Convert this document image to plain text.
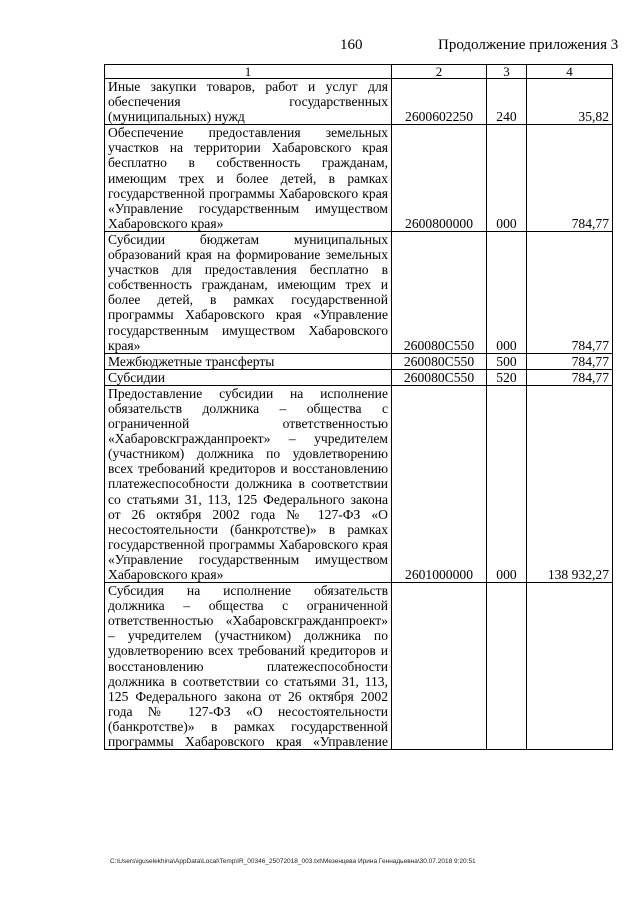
160	Продолжение приложения 3
1	2	3	4
Иные закупки товаров, работ и услуг для обеспечения государственных (муниципальных) нужд	2600602250	240	35,82
Обеспечение предоставления земельных участков на территории Хабаровского края бесплатно в собственность гражданам, имеющим трех и более детей, в рамках государственной программы Хабаровского края «Управление государственным имуществом Хабаровского края»	2600800000	000	784,77
Субсидии бюджетам муниципальных образований края на формирование земельных участков для предоставления бесплатно в собственность гражданам, имеющим трех и более детей, в рамках государственной программы Хабаровского края «Управление государственным имуществом Хабаровского края»	260080С550	000	784,77
Межбюджетные трансферты	260080С550	500	784,77
Субсидии	260080С550	520	784,77
Предоставление субсидии на исполнение обязательств должника – общества с ограниченной ответственностью «Хабаровскгражданпроект» – учредителем (участником) должника по удовлетворению всех требований кредиторов и восстановлению платежеспособности должника в соответствии со статьями 31, 113, 125 Федерального закона от 26 октября 2002 года № 127-ФЗ «О несостоятельности (банкротстве)» в рамках государственной программы Хабаровского края «Управление государственным имуществом Хабаровского края»	2601000000	000	138 932,27
Субсидия на исполнение обязательств должника – общества с ограниченной ответственностью «Хабаровскгражданпроект» – учредителем (участником) должника по удовлетворению всех требований кредиторов и восстановлению платежеспособности должника в соответствии со статьями 31, 113, 125 Федерального закона от 26 октября 2002 года № 127-ФЗ «О несостоятельности (банкротстве)» в рамках государственной программы Хабаровского края «Управление			
C:\Users\iguselekhina\AppData\Local\Temp\IR_00346_25072018_003.txt\Мезенцева Ирина Геннадьевна\30.07.2018 9:20:51
